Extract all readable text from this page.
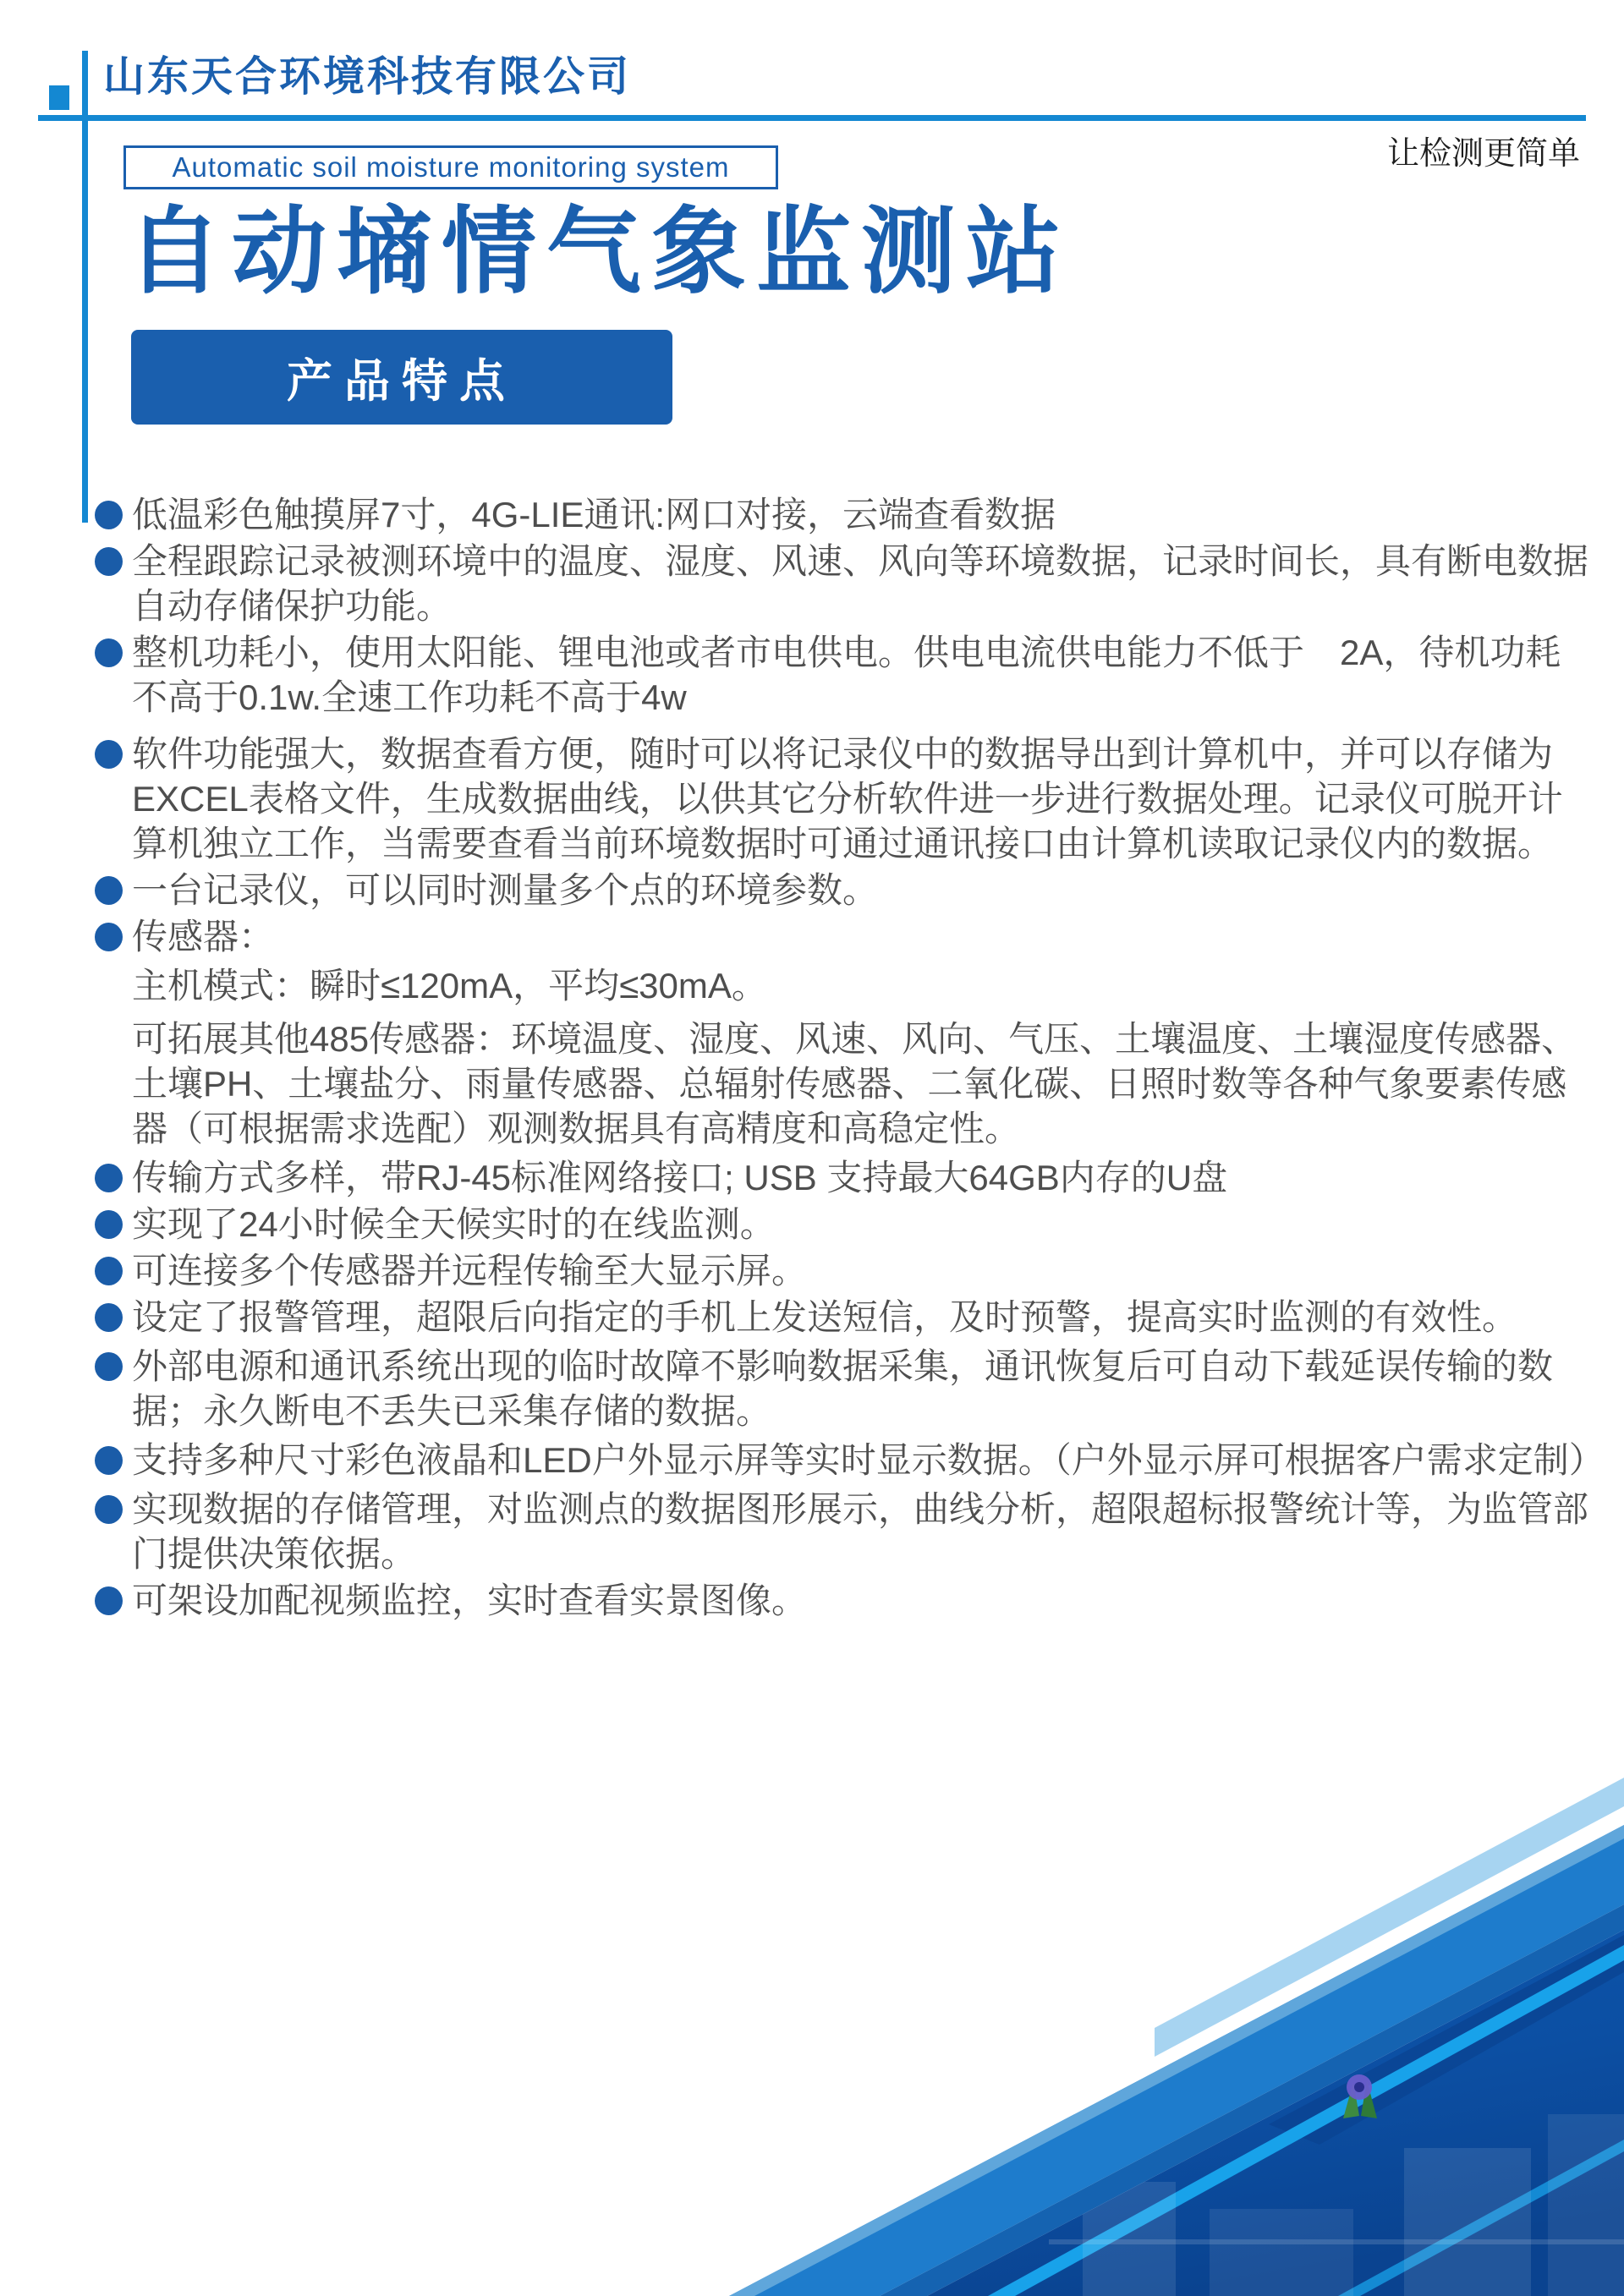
山东天合环境科技有限公司
让检测更简单
Automatic soil moisture monitoring system
自动墒情气象监测站
产品特点

低温彩色触摸屏7寸，4G-LIE通讯:网口对接，云端查看数据

全程跟踪记录被测环境中的温度、湿度、风速、风向等环境数据，记录时间长，具有断电数据自动存储保护功能。

整机功耗小，使用太阳能、锂电池或者市电供电。供电电流供电能力不低于　2A，待机功耗不高于0.1w.全速工作功耗不高于4w

软件功能强大，数据查看方便，随时可以将记录仪中的数据导出到计算机中，并可以存储为EXCEL表格文件，生成数据曲线，以供其它分析软件进一步进行数据处理。记录仪可脱开计算机独立工作，当需要查看当前环境数据时可通过通讯接口由计算机读取记录仪内的数据。

一台记录仪，可以同时测量多个点的环境参数。

传感器：

主机模式：瞬时≤120mA，平均≤30mA。

可拓展其他485传感器：环境温度、湿度、风速、风向、气压、土壤温度、土壤湿度传感器、土壤PH、土壤盐分、雨量传感器、总辐射传感器、二氧化碳、日照时数等各种气象要素传感器（可根据需求选配）观测数据具有高精度和高稳定性。

传输方式多样，带RJ-45标准网络接口; USB 支持最大64GB内存的U盘

实现了24小时候全天候实时的在线监测。

可连接多个传感器并远程传输至大显示屏。

设定了报警管理，超限后向指定的手机上发送短信，及时预警，提高实时监测的有效性。

外部电源和通讯系统出现的临时故障不影响数据采集，通讯恢复后可自动下载延误传输的数据；永久断电不丢失已采集存储的数据。

支持多种尺寸彩色液晶和LED户外显示屏等实时显示数据。（户外显示屏可根据客户需求定制）

实现数据的存储管理，对监测点的数据图形展示，曲线分析，超限超标报警统计等，为监管部门提供决策依据。

可架设加配视频监控，实时查看实景图像。
